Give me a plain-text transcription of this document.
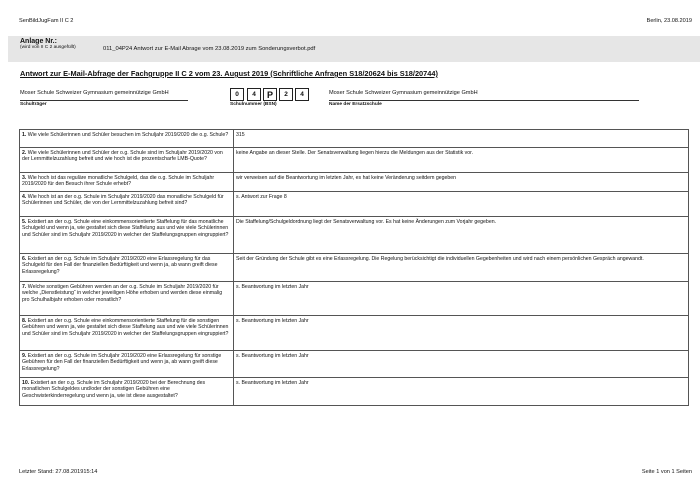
SenBildJugFam II C 2	Berlin, 23.08.2019
Anlage Nr.:
(wird von II C 2 ausgefüllt)	011_04P24 Antwort zur E-Mail Abrage vom 23.08.2019 zum Sonderungsverbot.pdf
Antwort zur E-Mail-Abfrage der Fachgruppe II C 2 vom 23. August 2019 (Schriftliche Anfragen S18/20624 bis S18/20744)
Moser Schule Schweizer Gymnasium gemeinnützige GmbH
Schulträger
0	4	P	2	4
Schulnummer (BSN)
Moser Schule Schweizer Gymnasium gemeinnützige GmbH
Name der Ersatzschule
1. Wie viele Schülerinnen und Schüler besuchen im Schuljahr 2019/2020 die o.g. Schule?	315
2. Wie viele Schülerinnen und Schüler der o.g. Schule sind im Schuljahr 2019/2020 von der Lernmittelzuzahlung befreit und wie hoch ist die prozentscharfe LMB-Quote?	keine Angabe an dieser Stelle. Der Senatsverwaltung liegen hierzu die Meldungen aus der Statistik vor.
3. Wie hoch ist das reguläre monatliche Schulgeld, das die o.g. Schule im Schuljahr 2019/2020 für den Besuch ihrer Schule erhebt?	wir verweisen auf die Beantwortung im letzten Jahr, es hat keine Veränderung seitdem gegeben
4. Wie hoch ist an der o.g. Schule im Schuljahr 2019/2020 das monatliche Schulgeld für Schülerinnen und Schüler, die von der Lernmittelzuzahlung befreit sind?	s. Antwort zur Frage 8
5. Existiert an der o.g. Schule eine einkommensorientierte Staffelung für das monatliche Schulgeld und wenn ja, wie gestaltet sich diese Staffelung aus und wie viele Schülerinnen und Schüler sind im Schuljahr 2019/2020 in welcher der Staffelungsgruppen eingruppiert?	Die Staffelung/Schulgeldordnung liegt der Senatsverwaltung vor. Es hat keine Änderungen zum Vorjahr gegeben.
6. Existiert an der o.g. Schule im Schuljahr 2019/2020 eine Erlassregelung für das Schulgeld für den Fall der finanziellen Bedürftigkeit und wenn ja, ab wann greift diese Erlassregelung?	Seit der Gründung der Schule gibt es eine Erlassregelung. Die Regelung berücksichtigt die individuellen Gegebenheiten und wird nach einem persönlichen Gespräch angewandt.
7. Welche sonstigen Gebühren werden an der o.g. Schule im Schuljahr 2019/2020 für welche „Dienstleistung“ in welcher jeweiligen Höhe erhoben und werden diese einmalig pro Schulhalbjahr erhoben oder monatlich?	s. Beantwortung im letzten Jahr
8. Existiert an der o.g. Schule eine einkommensorientierte Staffelung für die sonstigen Gebühren und wenn ja, wie gestaltet sich diese Staffelung aus und wie viele Schülerinnen und Schüler sind im Schuljahr 2019/2020 in welcher der Staffelungsgruppen eingruppiert?	s. Beantwortung im letzten Jahr
9. Existiert an der o.g. Schule im Schuljahr 2019/2020 eine Erlassregelung für sonstige Gebühren für den Fall der finanziellen Bedürftigkeit und wenn ja, ab wann greift diese Erlassregelung?	s. Beantwortung im letzten Jahr
10. Existiert an der o.g. Schule im Schuljahr 2019/2020 bei der Berechnung des monatlichen Schulgeldes und/oder der sonstigen Gebühren eine Geschwisterkinderregelung und wenn ja, wie ist diese ausgestaltet?	s. Beantwortung im letzten Jahr
Letzter Stand: 27.08.201915:14	Seite 1 von 1 Seiten
